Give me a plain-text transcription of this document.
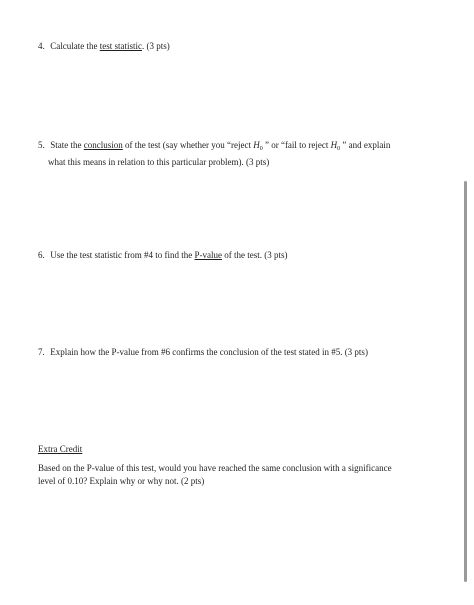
4. Calculate the test statistic. (3 pts)
5. State the conclusion of the test (say whether you “reject $H_0$ ” or “fail to reject $H_0$ ” and explain
what this means in relation to this particular problem). (3 pts)
6. Use the test statistic from #4 to find the P-value of the test. (3 pts)
7. Explain how the P-value from #6 confirms the conclusion of the test stated in #5. (3 pts)
Extra Credit
Based on the P-value of this test, would you have reached the same conclusion with a significance
level of 0.10? Explain why or why not. (2 pts)
